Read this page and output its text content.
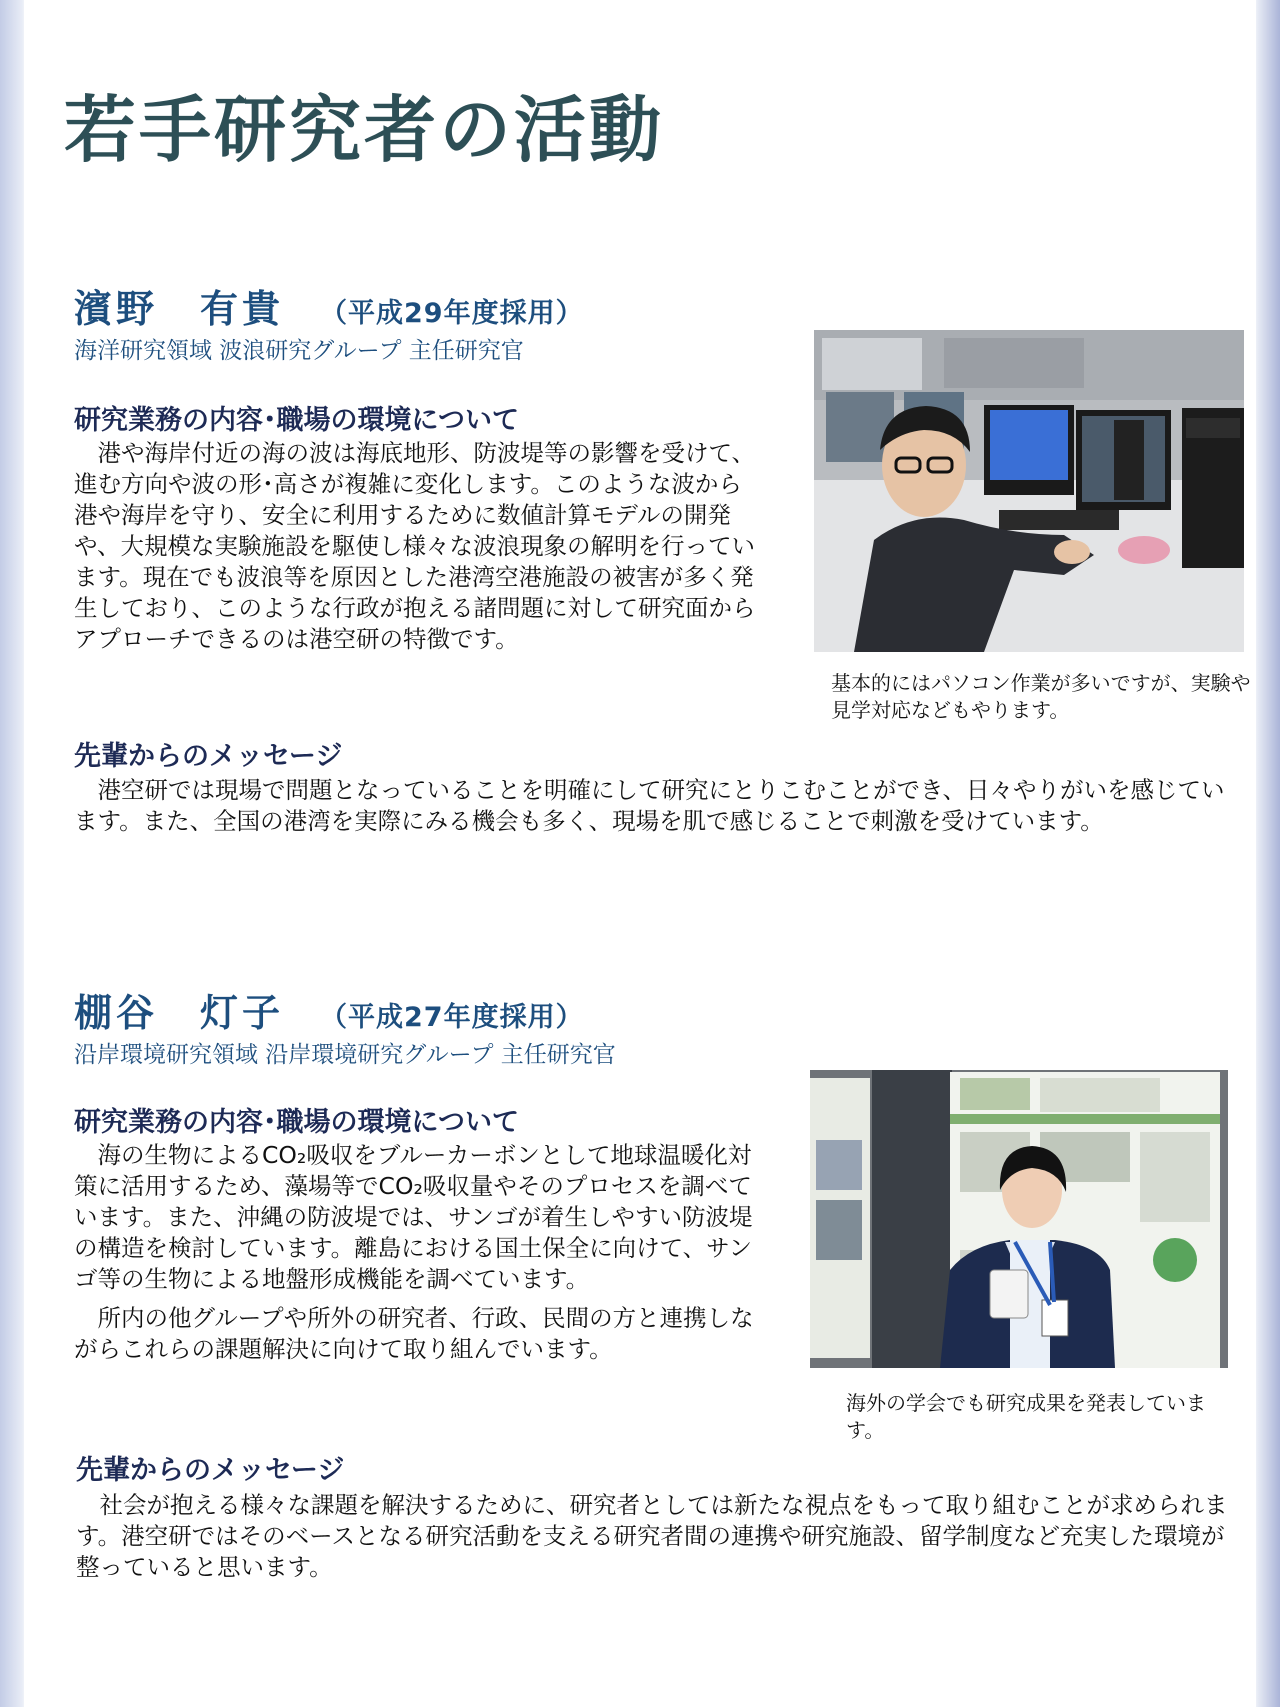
若手研究者の活動
濱野　有貴 （平成29年度採用）
海洋研究領域 波浪研究グループ 主任研究官
研究業務の内容･職場の環境について

港や海岸付近の海の波は海底地形、防波堤等の影響を受けて、進む方向や波の形･高さが複雑に変化します。このような波から港や海岸を守り、安全に利用するために数値計算モデルの開発や、大規模な実験施設を駆使し様々な波浪現象の解明を行っています。現在でも波浪等を原因とした港湾空港施設の被害が多く発生しており、このような行政が抱える諸問題に対して研究面からアプローチできるのは港空研の特徴です。

基本的にはパソコン作業が多いですが、実験や見学対応などもやります。

先輩からのメッセージ

港空研では現場で問題となっていることを明確にして研究にとりこむことができ、日々やりがいを感じています。また、全国の港湾を実際にみる機会も多く、現場を肌で感じることで刺激を受けています。

棚谷　灯子 （平成27年度採用）
沿岸環境研究領域 沿岸環境研究グループ 主任研究官
研究業務の内容･職場の環境について

海の生物によるCO₂吸収をブルーカーボンとして地球温暖化対策に活用するため、藻場等でCO₂吸収量やそのプロセスを調べています。また、沖縄の防波堤では、サンゴが着生しやすい防波堤の構造を検討しています。離島における国土保全に向けて、サンゴ等の生物による地盤形成機能を調べています。

所内の他グループや所外の研究者、行政、民間の方と連携しながらこれらの課題解決に向けて取り組んでいます。

海外の学会でも研究成果を発表しています。

先輩からのメッセージ

社会が抱える様々な課題を解決するために、研究者としては新たな視点をもって取り組むことが求められます。港空研ではそのベースとなる研究活動を支える研究者間の連携や研究施設、留学制度など充実した環境が整っていると思います。
